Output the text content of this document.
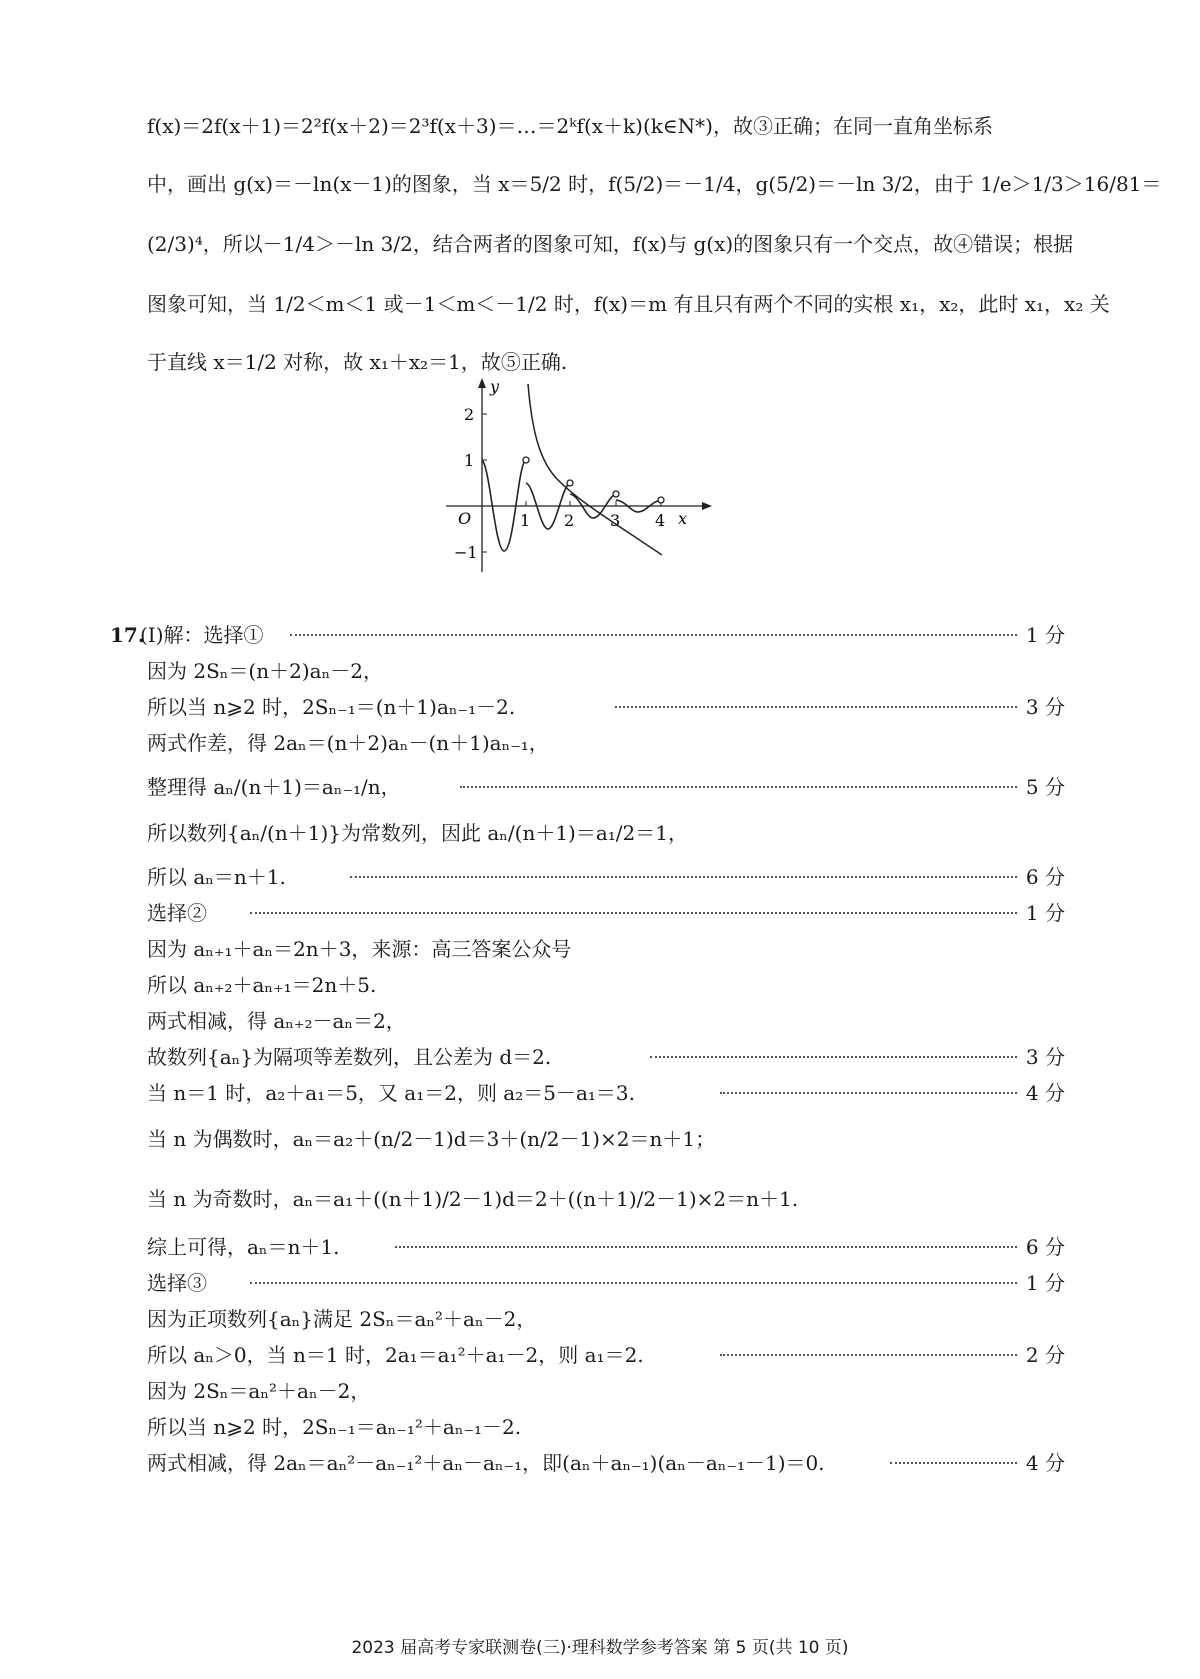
f(x)＝2f(x＋1)＝2²f(x＋2)＝2³f(x＋3)＝…＝2ᵏf(x＋k)(k∈N*)，故③正确；在同一直角坐标系
中，画出 g(x)＝－ln(x－1)的图象，当 x＝5/2 时，f(5/2)＝－1/4，g(5/2)＝－ln 3/2，由于 1/e＞1/3＞16/81＝
(2/3)⁴，所以－1/4＞－ln 3/2，结合两者的图象可知，f(x)与 g(x)的图象只有一个交点，故④错误；根据
图象可知，当 1/2＜m＜1 或－1＜m＜－1/2 时，f(x)＝m 有且只有两个不同的实根 x₁，x₂，此时 x₁，x₂ 关
于直线 x＝1/2 对称，故 x₁＋x₂＝1，故⑤正确.
y
x
O
2
1
−1
1 2 3 4
17.
(Ⅰ)解：选择①	1 分
因为 2Sₙ＝(n＋2)aₙ－2，
所以当 n⩾2 时，2Sₙ₋₁＝(n＋1)aₙ₋₁－2.	3 分
两式作差，得 2aₙ＝(n＋2)aₙ－(n＋1)aₙ₋₁，
整理得 aₙ/(n＋1)＝aₙ₋₁/n，	5 分
所以数列{aₙ/(n＋1)}为常数列，因此 aₙ/(n＋1)＝a₁/2＝1，
所以 aₙ＝n＋1.	6 分
选择②	1 分
因为 aₙ₊₁＋aₙ＝2n＋3，来源：高三答案公众号
所以 aₙ₊₂＋aₙ₊₁＝2n＋5.
两式相减，得 aₙ₊₂－aₙ＝2，
故数列{aₙ}为隔项等差数列，且公差为 d＝2.	3 分
当 n＝1 时，a₂＋a₁＝5，又 a₁＝2，则 a₂＝5－a₁＝3.	4 分
当 n 为偶数时，aₙ＝a₂＋(n/2－1)d＝3＋(n/2－1)×2＝n＋1；
当 n 为奇数时，aₙ＝a₁＋((n＋1)/2－1)d＝2＋((n＋1)/2－1)×2＝n＋1.
综上可得，aₙ＝n＋1.	6 分
选择③	1 分
因为正项数列{aₙ}满足 2Sₙ＝aₙ²＋aₙ－2，
所以 aₙ＞0，当 n＝1 时，2a₁＝a₁²＋a₁－2，则 a₁＝2.	2 分
因为 2Sₙ＝aₙ²＋aₙ－2，
所以当 n⩾2 时，2Sₙ₋₁＝aₙ₋₁²＋aₙ₋₁－2.
两式相减，得 2aₙ＝aₙ²－aₙ₋₁²＋aₙ－aₙ₋₁，即(aₙ＋aₙ₋₁)(aₙ－aₙ₋₁－1)＝0.	4 分
2023 届高考专家联测卷(三)·理科数学参考答案 第 5 页(共 10 页)
